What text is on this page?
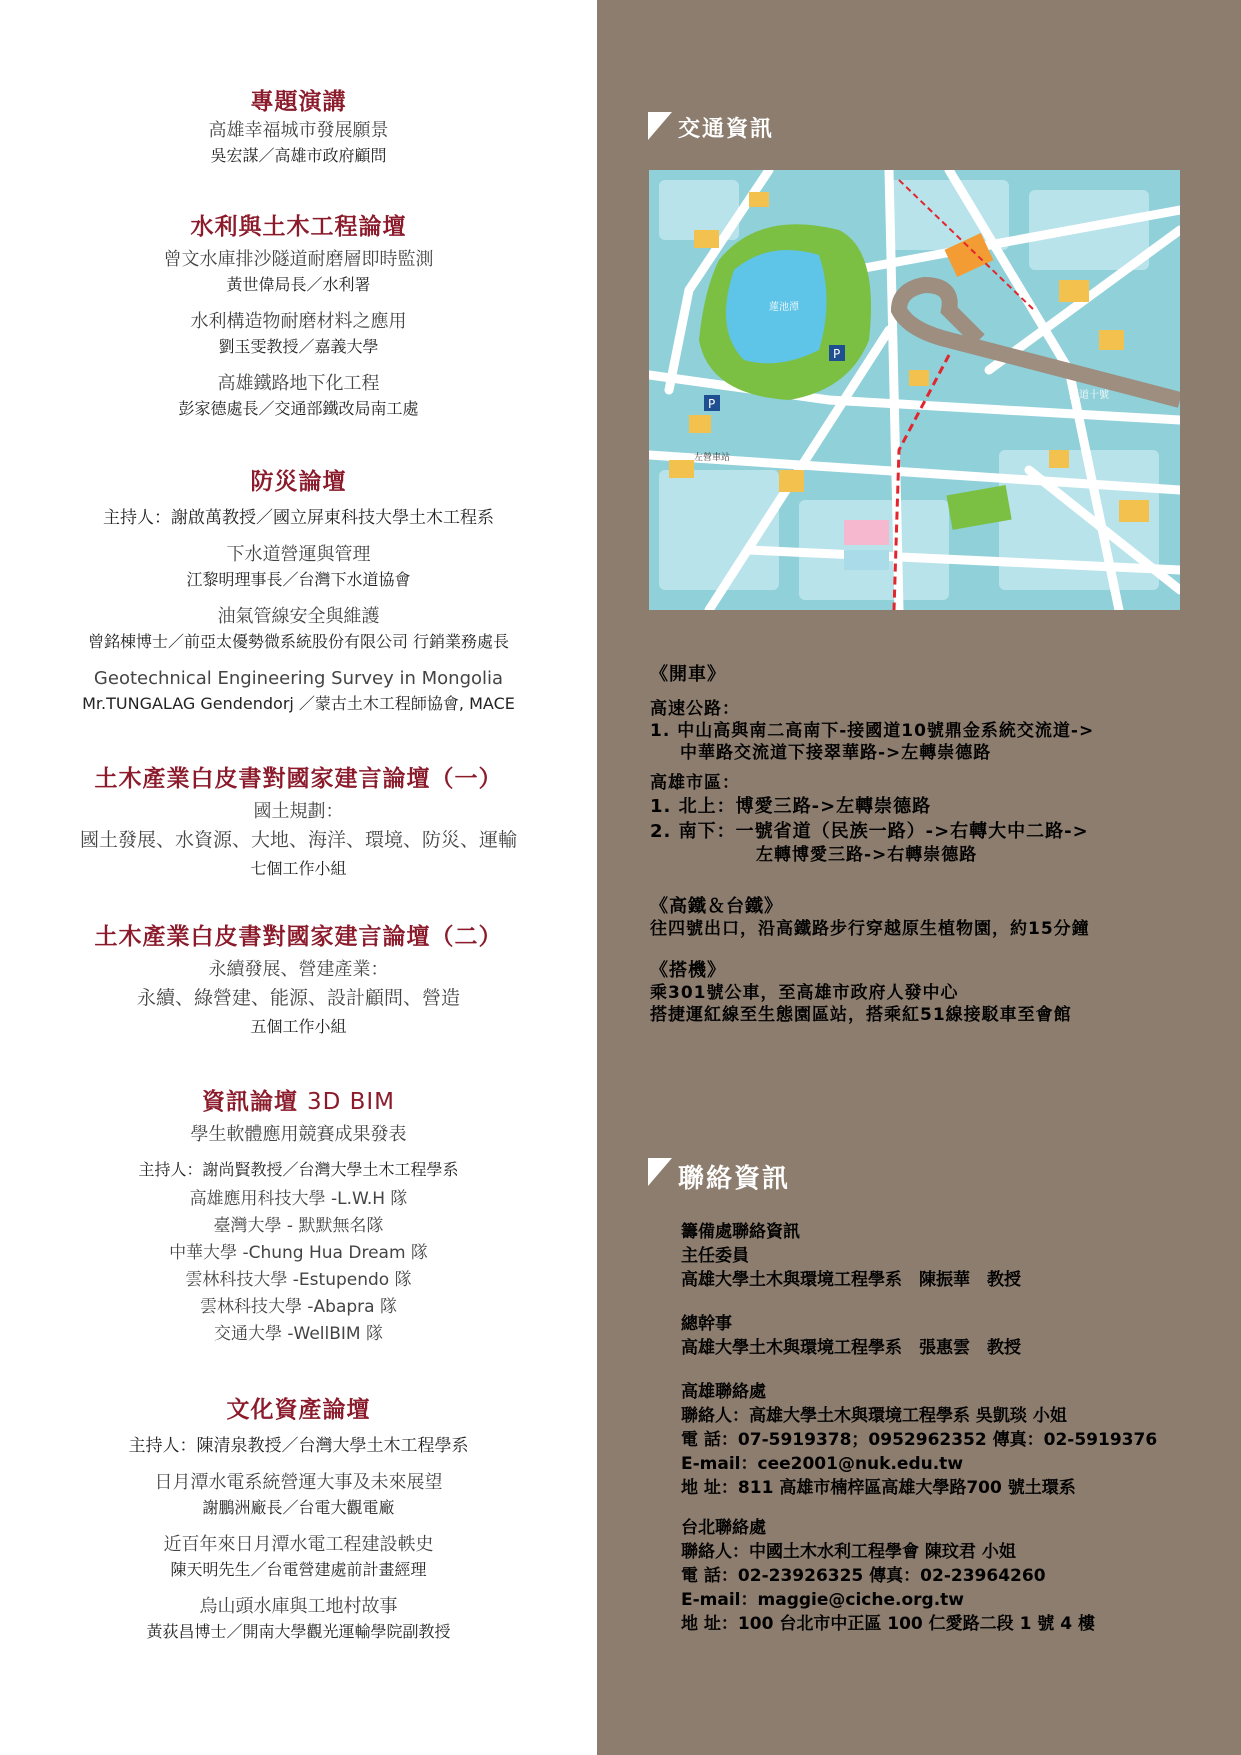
專題演講
高雄幸福城市發展願景
吳宏謀／高雄市政府顧問
水利與土木工程論壇
曾文水庫排沙隧道耐磨層即時監測
黃世偉局長／水利署
水利構造物耐磨材料之應用
劉玉雯教授／嘉義大學
高雄鐵路地下化工程
彭家德處長／交通部鐵改局南工處
防災論壇
主持人：謝啟萬教授／國立屏東科技大學土木工程系
下水道營運與管理
江黎明理事長／台灣下水道協會
油氣管線安全與維護
曾銘棟博士／前亞太優勢微系統股份有限公司 行銷業務處長
Geotechnical Engineering Survey in Mongolia
Mr.TUNGALAG Gendendorj ／蒙古土木工程師協會, MACE
土木產業白皮書對國家建言論壇（一）
國土規劃：
國土發展、水資源、大地、海洋、環境、防災、運輸
七個工作小組
土木產業白皮書對國家建言論壇（二）
永續發展、營建產業：
永續、綠營建、能源、設計顧問、營造
五個工作小組
資訊論壇 3D BIM
學生軟體應用競賽成果發表
主持人：謝尚賢教授／台灣大學土木工程學系
高雄應用科技大學 -L.W.H 隊
臺灣大學 - 默默無名隊
中華大學 -Chung Hua Dream 隊
雲林科技大學 -Estupendo 隊
雲林科技大學 -Abapra 隊
交通大學 -WellBIM 隊
文化資產論壇
主持人：陳清泉教授／台灣大學土木工程學系
日月潭水電系統營運大事及未來展望
謝鵬洲廠長／台電大觀電廠
近百年來日月潭水電工程建設軼史
陳天明先生／台電營建處前計畫經理
烏山頭水庫與工地村故事
黃荻昌博士／開南大學觀光運輸學院副教授
交通資訊
蓮池潭
國道十號
P
P
左營車站

《開車》

高速公路：

1. 中山高與南二高南下-接國道10號鼎金系統交流道->

中華路交流道下接翠華路->左轉崇德路

高雄市區：

1. 北上：博愛三路->左轉崇德路

2. 南下：一號省道（民族一路）->右轉大中二路->

左轉博愛三路->右轉崇德路

《高鐵＆台鐵》

往四號出口，沿高鐵路步行穿越原生植物園，約15分鐘

《搭機》

乘301號公車，至高雄市政府人發中心

搭捷運紅線至生態園區站，搭乘紅51線接駁車至會館

聯絡資訊

籌備處聯絡資訊

主任委員

高雄大學土木與環境工程學系　陳振華　教授

總幹事

高雄大學土木與環境工程學系　張惠雲　教授

高雄聯絡處

聯絡人：高雄大學土木與環境工程學系 吳凱琰 小姐

電 話：07-5919378；0952962352 傳真：02-5919376

E-mail：cee2001@nuk.edu.tw

地 址：811 高雄市楠梓區高雄大學路700 號土環系

台北聯絡處

聯絡人：中國土木水利工程學會 陳玟君 小姐

電 話：02-23926325 傳真：02-23964260

E-mail：maggie@ciche.org.tw

地 址：100 台北市中正區 100 仁愛路二段 1 號 4 樓
